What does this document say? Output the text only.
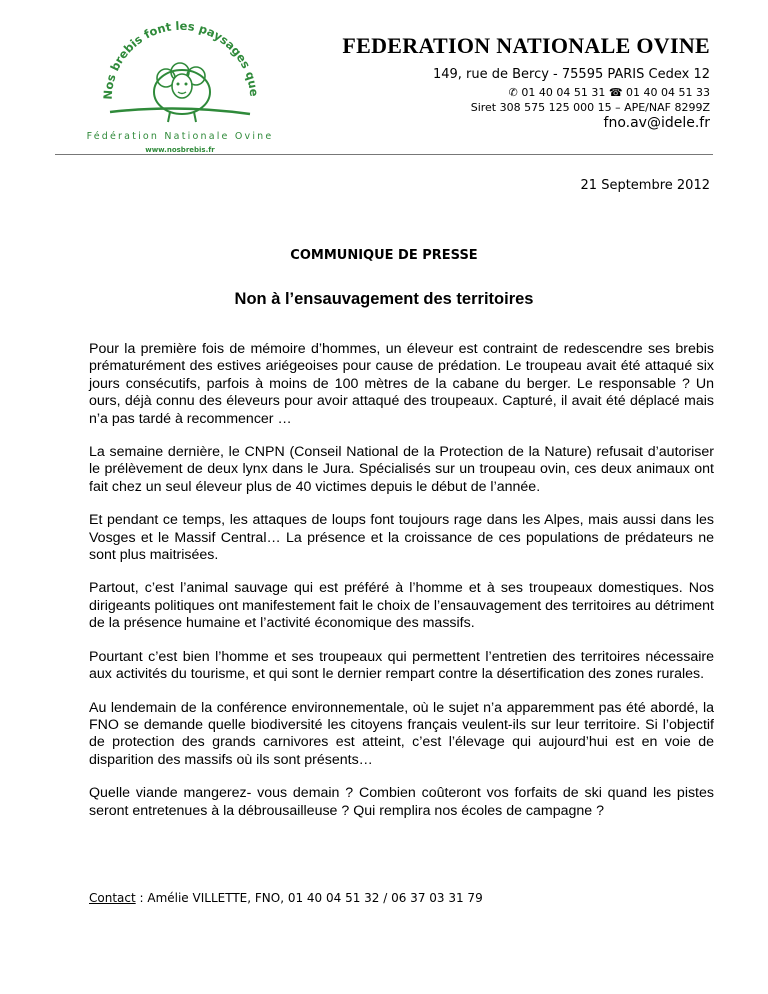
Nos brebis font les paysages que
Fédération Nationale Ovine
www.nosbrebis.fr
FEDERATION NATIONALE OVINE
149, rue de Bercy - 75595 PARIS Cedex 12
✆ 01 40 04 51 31 ☎ 01 40 04 51 33
Siret 308 575 125 000 15 – APE/NAF 8299Z
fno.av@idele.fr
21 Septembre 2012
COMMUNIQUE DE PRESSE
Non à l’ensauvagement des territoires

Pour la première fois de mémoire d’hommes, un éleveur est contraint de redescendre ses brebis prématurément des estives ariégeoises pour cause de prédation. Le troupeau avait été attaqué six jours consécutifs, parfois à moins de 100 mètres de la cabane du berger. Le responsable ? Un ours, déjà connu des éleveurs pour avoir attaqué des troupeaux. Capturé, il avait été déplacé mais n’a pas tardé à recommencer …

La semaine dernière, le CNPN (Conseil National de la Protection de la Nature) refusait d’autoriser le prélèvement de deux lynx dans le Jura. Spécialisés sur un troupeau ovin, ces deux animaux ont fait chez un seul éleveur plus de 40 victimes depuis le début de l’année.

Et pendant ce temps, les attaques de loups font toujours rage dans les Alpes, mais aussi dans les Vosges et le Massif Central… La présence et la croissance de ces populations de prédateurs ne sont plus maitrisées.

Partout, c’est l’animal sauvage qui est préféré à l’homme et à ses troupeaux domestiques. Nos dirigeants politiques ont manifestement fait le choix de l’ensauvagement des territoires au détriment de la présence humaine et l’activité économique des massifs.

Pourtant c’est bien l’homme et ses troupeaux qui permettent l’entretien des territoires nécessaire aux activités du tourisme, et qui sont le dernier rempart contre la désertification des zones rurales.

Au lendemain de la conférence environnementale, où le sujet n’a apparemment pas été abordé, la FNO se demande quelle biodiversité les citoyens français veulent-ils sur leur territoire. Si l’objectif de protection des grands carnivores est atteint, c’est l’élevage qui aujourd’hui est en voie de disparition des massifs où ils sont présents…

Quelle viande mangerez- vous demain ? Combien coûteront vos forfaits de ski quand les pistes seront entretenues à la débrousailleuse ? Qui remplira nos écoles de campagne ?

Contact : Amélie VILLETTE, FNO, 01 40 04 51 32 / 06 37 03 31 79
